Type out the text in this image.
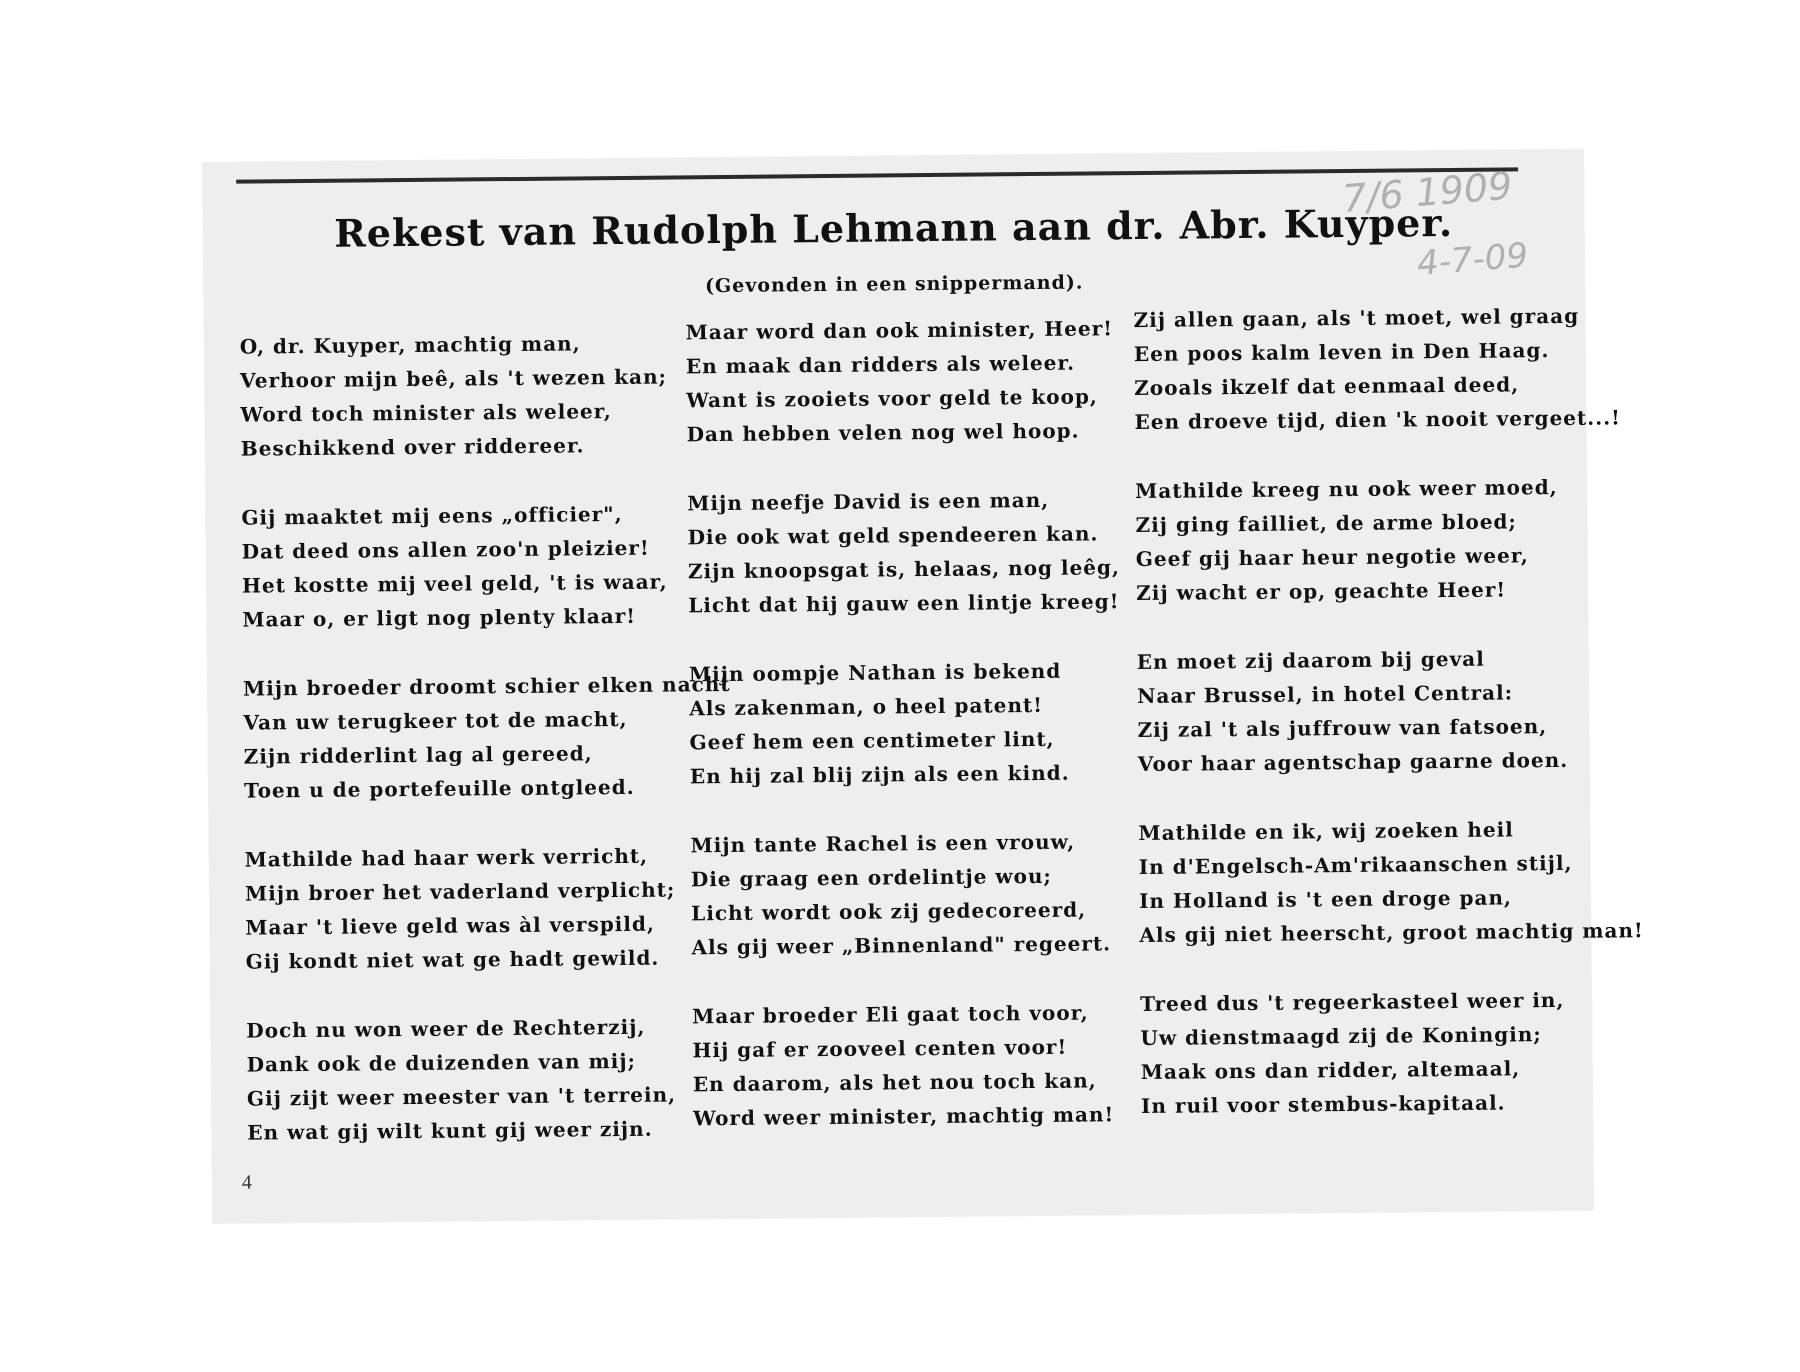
7/6 1909
4-7-09
Rekest van Rudolph Lehmann aan dr. Abr. Kuyper.
(Gevonden in een snippermand).
O, dr. Kuyper, machtig man,
Verhoor mijn beê, als 't wezen kan;
Word toch minister als weleer,
Beschikkend over riddereer.
Gij maaktet mij eens „officier",
Dat deed ons allen zoo'n pleizier!
Het kostte mij veel geld, 't is waar,
Maar o, er ligt nog plenty klaar!
Mijn broeder droomt schier elken nacht
Van uw terugkeer tot de macht,
Zijn ridderlint lag al gereed,
Toen u de portefeuille ontgleed.
Mathilde had haar werk verricht,
Mijn broer het vaderland verplicht;
Maar 't lieve geld was àl verspild,
Gij kondt niet wat ge hadt gewild.
Doch nu won weer de Rechterzij,
Dank ook de duizenden van mij;
Gij zijt weer meester van 't terrein,
En wat gij wilt kunt gij weer zijn.
Maar word dan ook minister, Heer!
En maak dan ridders als weleer.
Want is zooiets voor geld te koop,
Dan hebben velen nog wel hoop.
Mijn neefje David is een man,
Die ook wat geld spendeeren kan.
Zijn knoopsgat is, helaas, nog leêg,
Licht dat hij gauw een lintje kreeg!
Mijn oompje Nathan is bekend
Als zakenman, o heel patent!
Geef hem een centimeter lint,
En hij zal blij zijn als een kind.
Mijn tante Rachel is een vrouw,
Die graag een ordelintje wou;
Licht wordt ook zij gedecoreerd,
Als gij weer „Binnenland" regeert.
Maar broeder Eli gaat toch voor,
Hij gaf er zooveel centen voor!
En daarom, als het nou toch kan,
Word weer minister, machtig man!
Zij allen gaan, als 't moet, wel graag
Een poos kalm leven in Den Haag.
Zooals ikzelf dat eenmaal deed,
Een droeve tijd, dien 'k nooit vergeet...!
Mathilde kreeg nu ook weer moed,
Zij ging failliet, de arme bloed;
Geef gij haar heur negotie weer,
Zij wacht er op, geachte Heer!
En moet zij daarom bij geval
Naar Brussel, in hotel Central:
Zij zal 't als juffrouw van fatsoen,
Voor haar agentschap gaarne doen.
Mathilde en ik, wij zoeken heil
In d'Engelsch-Am'rikaanschen stijl,
In Holland is 't een droge pan,
Als gij niet heerscht, groot machtig man!
Treed dus 't regeerkasteel weer in,
Uw dienstmaagd zij de Koningin;
Maak ons dan ridder, altemaal,
In ruil voor stembus-kapitaal.
4
